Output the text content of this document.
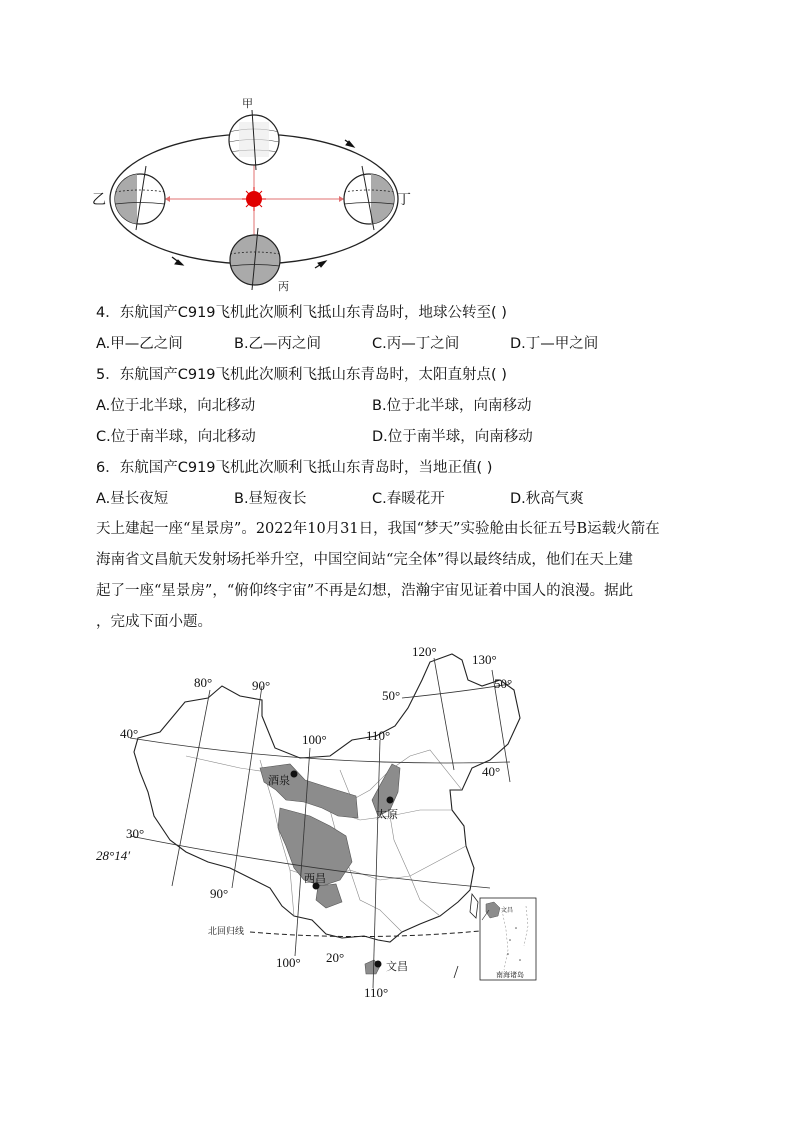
甲
乙
丙
丁
4．东航国产C919飞机此次顺利飞抵山东青岛时，地球公转至( )
A.甲—乙之间	B.乙—丙之间	C.丙—丁之间	D.丁—甲之间
5．东航国产C919飞机此次顺利飞抵山东青岛时，太阳直射点( )
A.位于北半球，向北移动	B.位于北半球，向南移动
C.位于南半球，向北移动	D.位于南半球，向南移动
6．东航国产C919飞机此次顺利飞抵山东青岛时，当地正值( )
A.昼长夜短	B.昼短夜长	C.春暖花开	D.秋高气爽
天上建起一座“星景房”。2022年10月31日，我国“梦天”实验舱由长征五号B运载火箭在
海南省文昌航天发射场托举升空，中国空间站“完全体”得以最终结成，他们在天上建
起了一座“星景房”，“俯仰终宇宙”不再是幻想，浩瀚宇宙见证着中国人的浪漫。据此
，完成下面小题。
北回归线
80°	90°
100°	110°
120°
130°
90°
100°
110°
40°
50°
50°
40°
30°
28°14′
20°
酒泉
太原
西昌
文昌
文昌
南海诸岛
